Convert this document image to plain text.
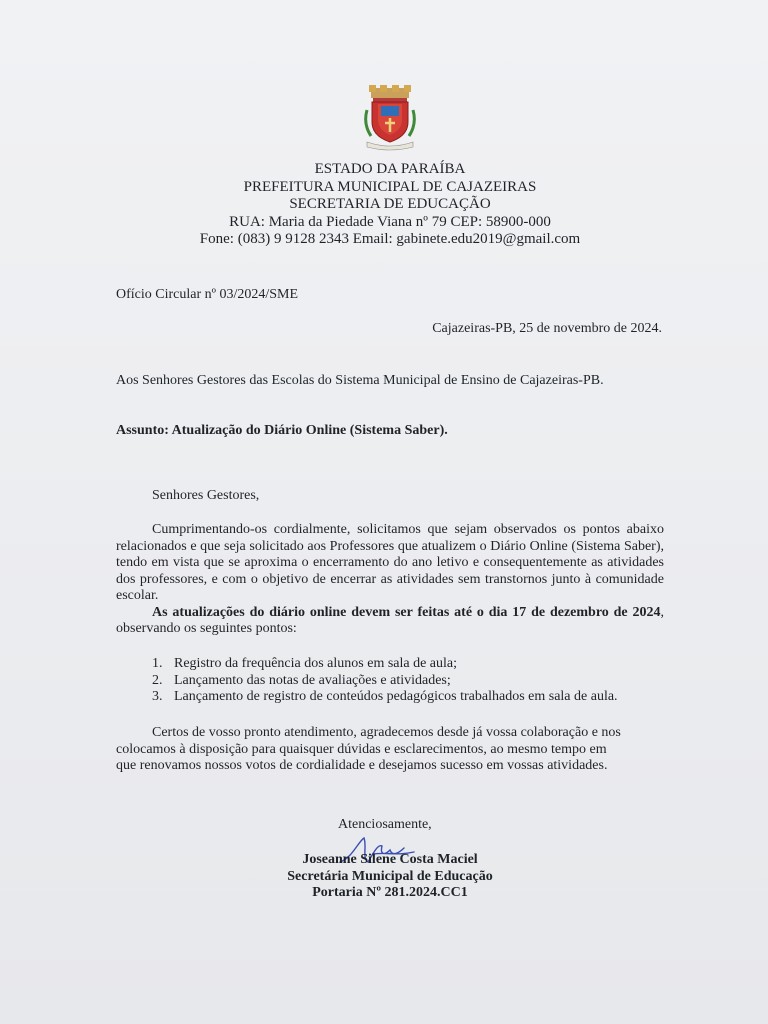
ESTADO DA PARAÍBA
PREFEITURA MUNICIPAL DE CAJAZEIRAS
SECRETARIA DE EDUCAÇÃO
RUA: Maria da Piedade Viana nº 79 CEP: 58900-000
Fone: (083) 9 9128 2343 Email: gabinete.edu2019@gmail.com
Ofício Circular nº 03/2024/SME
Cajazeiras-PB, 25 de novembro de 2024.
Aos Senhores Gestores das Escolas do Sistema Municipal de Ensino de Cajazeiras-PB.
Assunto: Atualização do Diário Online (Sistema Saber).
Senhores Gestores,

Cumprimentando-os cordialmente, solicitamos que sejam observados os pontos abaixo relacionados e que seja solicitado aos Professores que atualizem o Diário Online (Sistema Saber), tendo em vista que se aproxima o encerramento do ano letivo e consequentemente as atividades dos professores, e com o objetivo de encerrar as atividades sem transtornos junto à comunidade escolar.

As atualizações do diário online devem ser feitas até o dia 17 de dezembro de 2024, observando os seguintes pontos:

1. Registro da frequência dos alunos em sala de aula;
2. Lançamento das notas de avaliações e atividades;
3. Lançamento de registro de conteúdos pedagógicos trabalhados em sala de aula.
Certos de vosso pronto atendimento, agradecemos desde já vossa colaboração e nos
colocamos à disposição para quaisquer dúvidas e esclarecimentos, ao mesmo tempo em
que renovamos nossos votos de cordialidade e desejamos sucesso em vossas atividades.
Atenciosamente,
Joseanne Silene Costa Maciel
Secretária Municipal de Educação
Portaria Nº 281.2024.CC1
